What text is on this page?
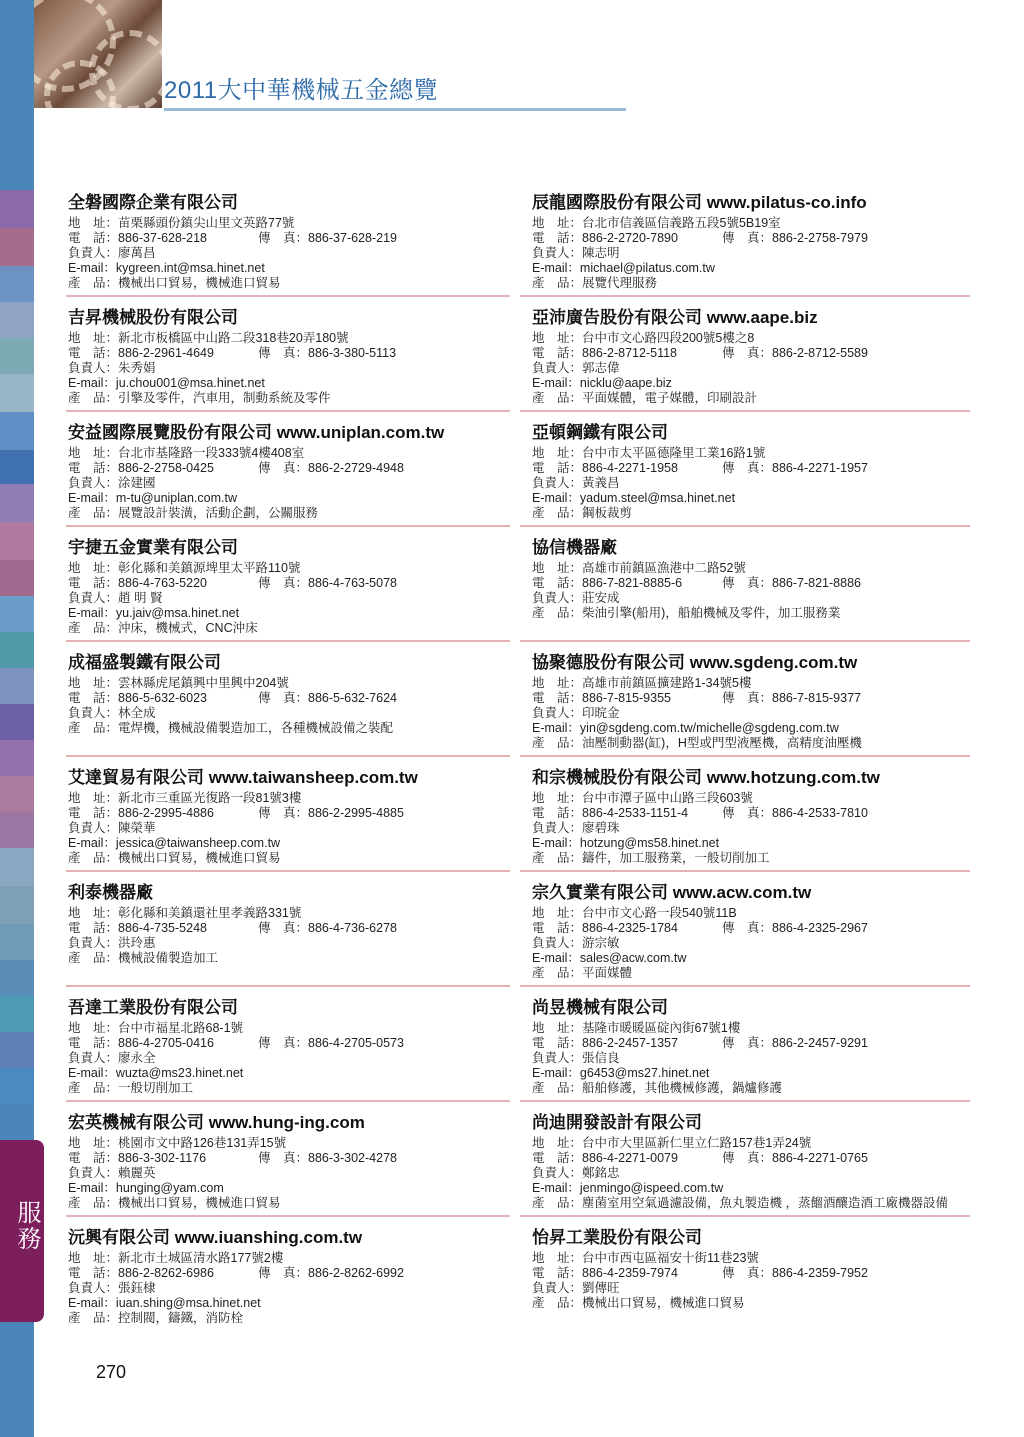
服務
2011大中華機械五金總覽
全磐國際企業有限公司
地　址：苗栗縣頭份鎮尖山里文英路77號
電　話：886-37-628-218	傳　真：886-37-628-219
負責人：廖萬昌
E-mail：kygreen.int@msa.hinet.net
產　品：機械出口貿易，機械進口貿易
吉昇機械股份有限公司
地　址：新北市板橋區中山路二段318巷20弄180號
電　話：886-2-2961-4649	傳　真：886-3-380-5113
負責人：朱秀娟
E-mail：ju.chou001@msa.hinet.net
產　品：引擎及零件，汽車用，制動系統及零件
安益國際展覽股份有限公司 www.uniplan.com.tw
地　址：台北市基隆路一段333號4樓408室
電　話：886-2-2758-0425	傳　真：886-2-2729-4948
負責人：涂建國
E-mail：m-tu@uniplan.com.tw
產　品：展覽設計裝潢，活動企劃，公關服務
宇捷五金實業有限公司
地　址：彰化縣和美鎮源埤里太平路110號
電　話：886-4-763-5220	傳　真：886-4-763-5078
負責人：趙 明 賢
E-mail：yu.jaiv@msa.hinet.net
產　品：沖床，機械式，CNC沖床
成福盛製鐵有限公司
地　址：雲林縣虎尾鎮興中里興中204號
電　話：886-5-632-6023	傳　真：886-5-632-7624
負責人：林全成
產　品：電焊機，機械設備製造加工，各種機械設備之裝配
艾達貿易有限公司 www.taiwansheep.com.tw
地　址：新北市三重區光復路一段81號3樓
電　話：886-2-2995-4886	傳　真：886-2-2995-4885
負責人：陳榮華
E-mail：jessica@taiwansheep.com.tw
產　品：機械出口貿易，機械進口貿易
利泰機器廠
地　址：彰化縣和美鎮還社里孝義路331號
電　話：886-4-735-5248	傳　真：886-4-736-6278
負責人：洪玲惠
產　品：機械設備製造加工
吾達工業股份有限公司
地　址：台中市福星北路68-1號
電　話：886-4-2705-0416	傳　真：886-4-2705-0573
負責人：廖永全
E-mail：wuzta@ms23.hinet.net
產　品：一般切削加工
宏英機械有限公司 www.hung-ing.com
地　址：桃園市文中路126巷131弄15號
電　話：886-3-302-1176	傳　真：886-3-302-4278
負責人：賴麗英
E-mail：hunging@yam.com
產　品：機械出口貿易，機械進口貿易
沅興有限公司 www.iuanshing.com.tw
地　址：新北市土城區清水路177號2樓
電　話：886-2-8262-6986	傳　真：886-2-8262-6992
負責人：張鈺棣
E-mail：iuan.shing@msa.hinet.net
產　品：控制閥，鑄鐵，消防栓
辰龍國際股份有限公司 www.pilatus-co.info
地　址：台北市信義區信義路五段5號5B19室
電　話：886-2-2720-7890	傳　真：886-2-2758-7979
負責人：陳志明
E-mail：michael@pilatus.com.tw
產　品：展覽代理服務
亞沛廣告股份有限公司 www.aape.biz
地　址：台中市文心路四段200號5樓之8
電　話：886-2-8712-5118	傳　真：886-2-8712-5589
負責人：郭志偉
E-mail：nicklu@aape.biz
產　品：平面媒體，電子媒體，印刷設計
亞頓鋼鐵有限公司
地　址：台中市太平區德隆里工業16路1號
電　話：886-4-2271-1958	傳　真：886-4-2271-1957
負責人：黃義昌
E-mail：yadum.steel@msa.hinet.net
產　品：鋼板裁剪
協信機器廠
地　址：高雄市前鎮區漁港中二路52號
電　話：886-7-821-8885-6	傳　真：886-7-821-8886
負責人：莊安成
產　品：柴油引擎(船用)，船舶機械及零件，加工服務業
協聚德股份有限公司 www.sgdeng.com.tw
地　址：高雄市前鎮區擴建路1-34號5樓
電　話：886-7-815-9355	傳　真：886-7-815-9377
負責人：印晥金
E-mail：yin@sgdeng.com.tw/michelle@sgdeng.com.tw
產　品：油壓制動器(缸)，H型或門型液壓機，高精度油壓機
和宗機械股份有限公司 www.hotzung.com.tw
地　址：台中市潭子區中山路三段603號
電　話：886-4-2533-1151-4	傳　真：886-4-2533-7810
負責人：廖碧珠
E-mail：hotzung@ms58.hinet.net
產　品：鑄件，加工服務業，一般切削加工
宗久實業有限公司 www.acw.com.tw
地　址：台中市文心路一段540號11B
電　話：886-4-2325-1784	傳　真：886-4-2325-2967
負責人：游宗敏
E-mail：sales@acw.com.tw
產　品：平面媒體
尚昱機械有限公司
地　址：基隆市暖暖區碇內街67號1樓
電　話：886-2-2457-1357	傳　真：886-2-2457-9291
負責人：張信良
E-mail：g6453@ms27.hinet.net
產　品：船舶修護，其他機械修護，鍋爐修護
尚迪開發設計有限公司
地　址：台中市大里區新仁里立仁路157巷1弄24號
電　話：886-4-2271-0079	傳　真：886-4-2271-0765
負責人：鄭銘忠
E-mail：jenmingo@ispeed.com.tw
產　品：塵菌室用空氣過濾設備，魚丸製造機 ，蒸餾酒釀造酒工廠機器設備
怡昇工業股份有限公司
地　址：台中市西屯區福安十街11巷23號
電　話：886-4-2359-7974	傳　真：886-4-2359-7952
負責人：劉傳旺
產　品：機械出口貿易，機械進口貿易
270
